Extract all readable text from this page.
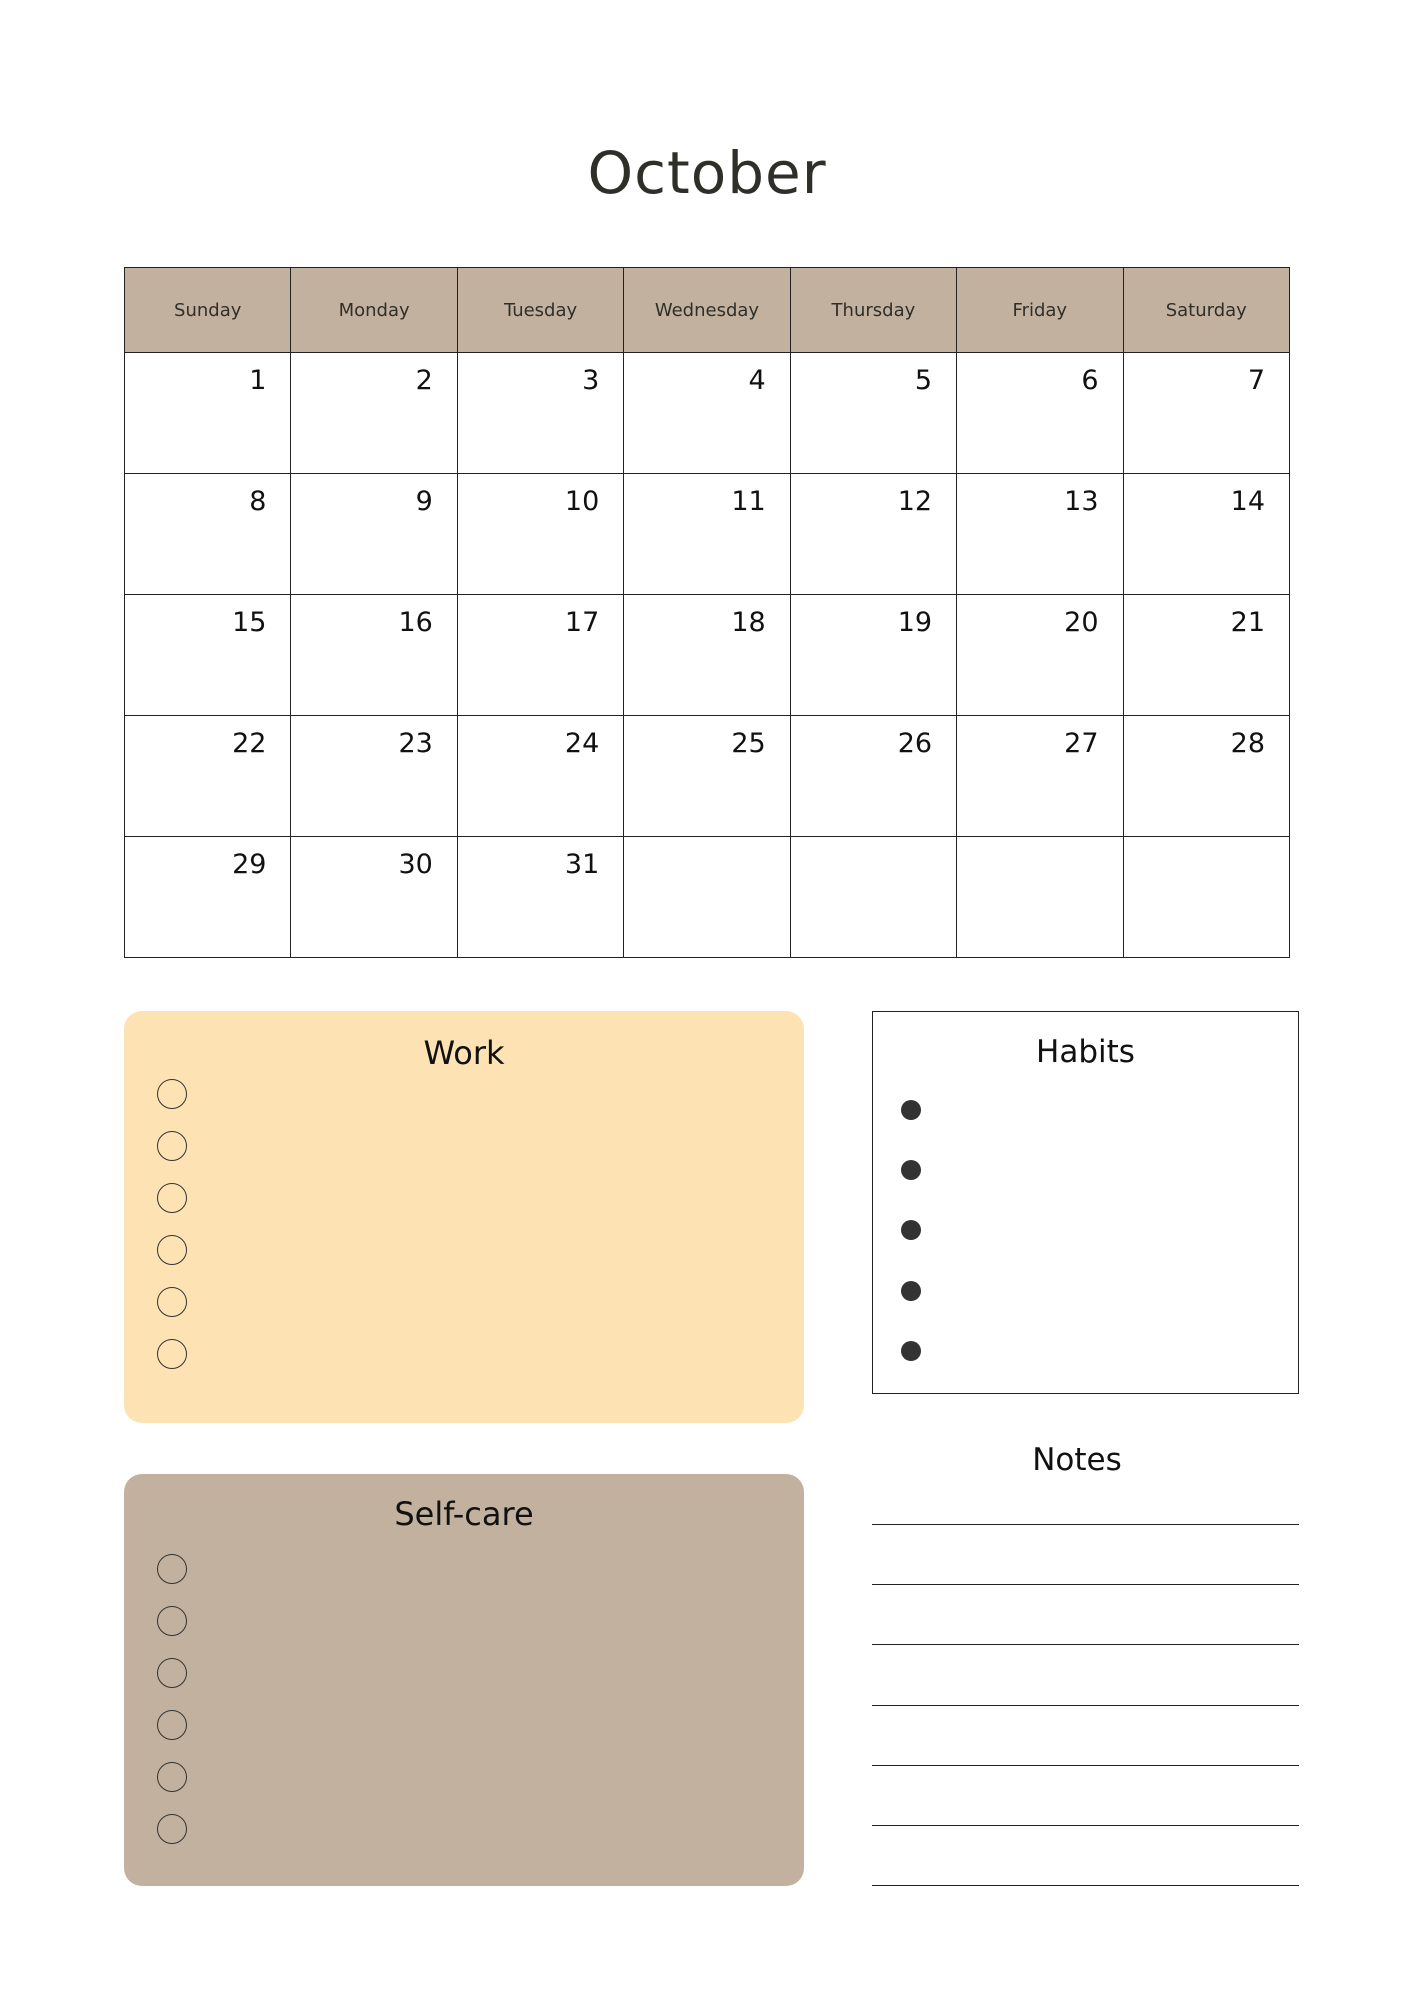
October
Sunday	Monday	Tuesday	Wednesday	Thursday	Friday	Saturday

1	2	3	4	5	6	7

8	9	10	11	12	13	14

15	16	17	18	19	20	21

22	23	24	25	26	27	28

29	30	31				

Work
Self-care
Habits
Notes
